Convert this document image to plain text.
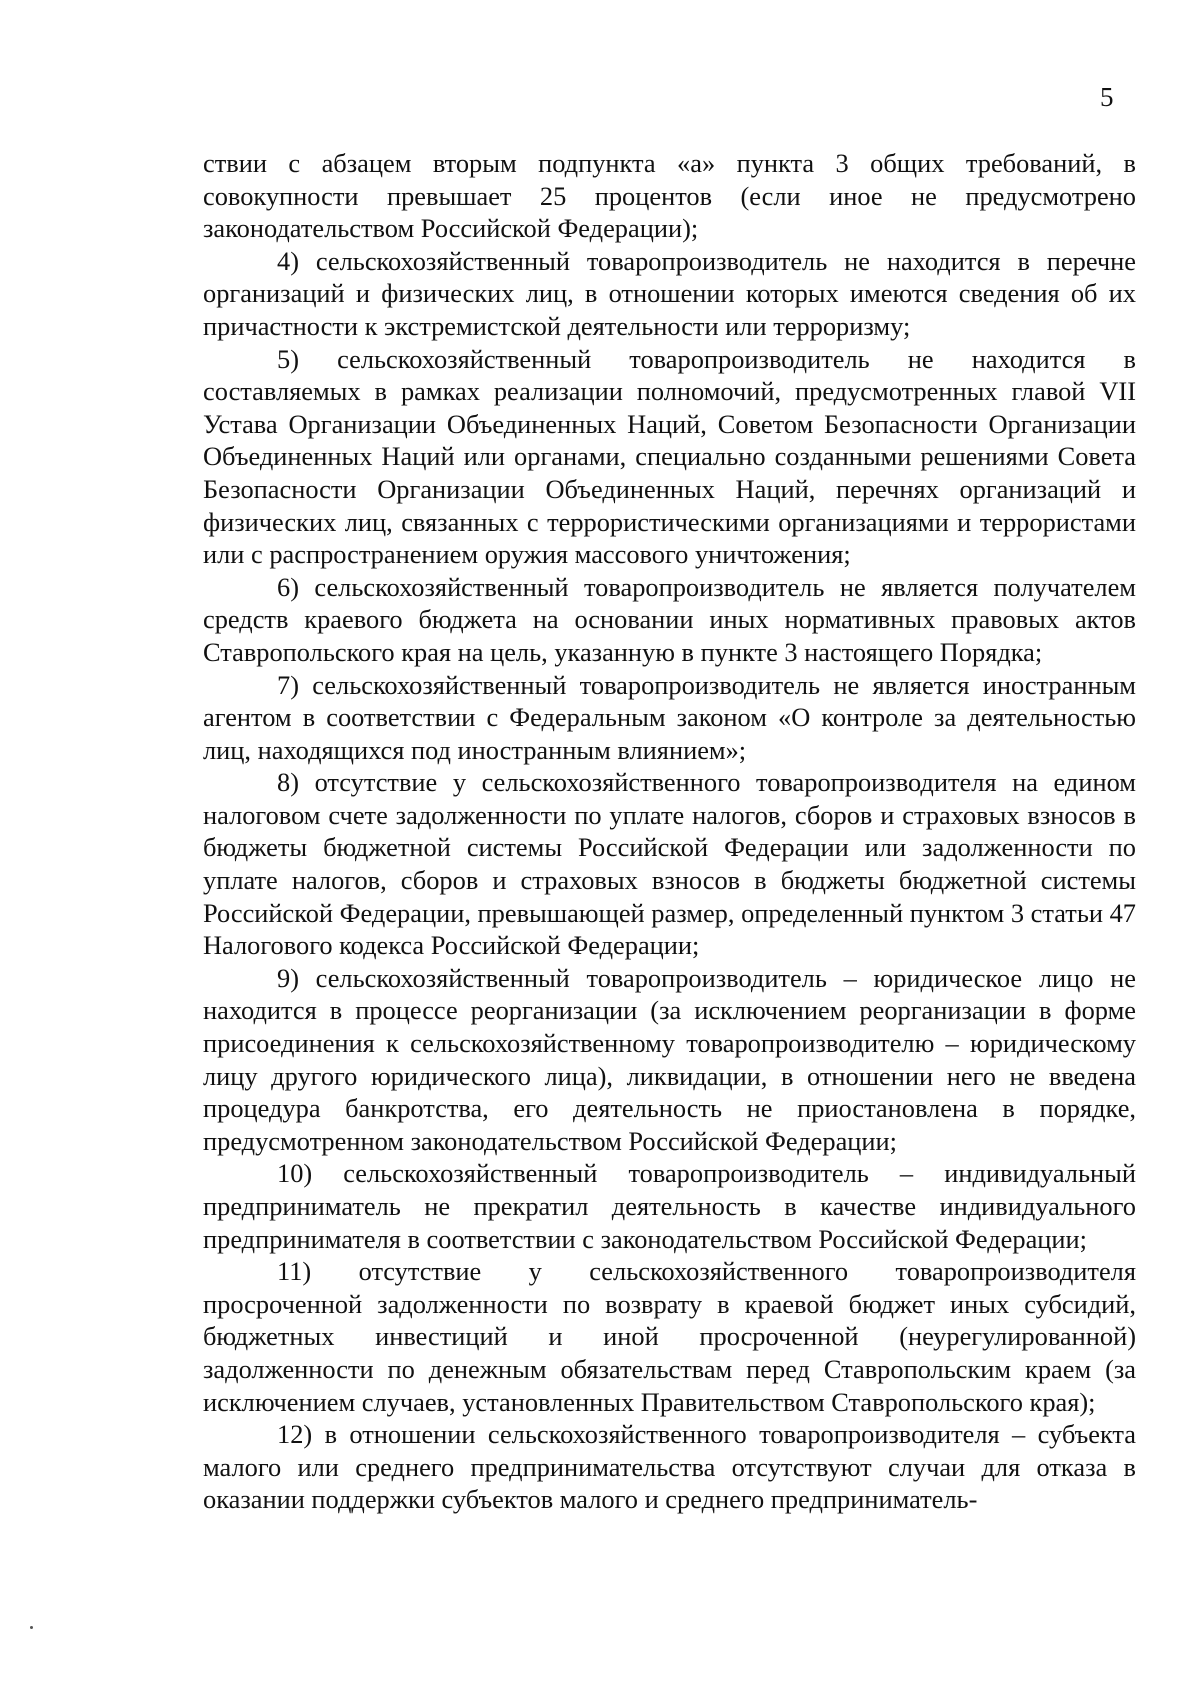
5

ствии с абзацем вторым подпункта «а» пункта 3 общих требований, в совокупности превышает 25 процентов (если иное не предусмотрено законодательством Российской Федерации);

4) сельскохозяйственный товаропроизводитель не находится в перечне организаций и физических лиц, в отношении которых имеются сведения об их причастности к экстремистской деятельности или терроризму;

5) сельскохозяйственный товаропроизводитель не находится в составляемых в рамках реализации полномочий, предусмотренных главой VII Устава Организации Объединенных Наций, Советом Безопасности Организации Объединенных Наций или органами, специально созданными решениями Совета Безопасности Организации Объединенных Наций, перечнях организаций и физических лиц, связанных с террористическими организациями и террористами или с распространением оружия массового уничтожения;

6) сельскохозяйственный товаропроизводитель не является получателем средств краевого бюджета на основании иных нормативных правовых актов Ставропольского края на цель, указанную в пункте 3 настоящего Порядка;

7) сельскохозяйственный товаропроизводитель не является иностранным агентом в соответствии с Федеральным законом «О контроле за деятельностью лиц, находящихся под иностранным влиянием»;

8) отсутствие у сельскохозяйственного товаропроизводителя на едином налоговом счете задолженности по уплате налогов, сборов и страховых взносов в бюджеты бюджетной системы Российской Федерации или задолженности по уплате налогов, сборов и страховых взносов в бюджеты бюджетной системы Российской Федерации, превышающей размер, определенный пунктом 3 статьи 47 Налогового кодекса Российской Федерации;

9) сельскохозяйственный товаропроизводитель – юридическое лицо не находится в процессе реорганизации (за исключением реорганизации в форме присоединения к сельскохозяйственному товаропроизводителю – юридическому лицу другого юридического лица), ликвидации, в отношении него не введена процедура банкротства, его деятельность не приостановлена в порядке, предусмотренном законодательством Российской Федерации;

10) сельскохозяйственный товаропроизводитель – индивидуальный предприниматель не прекратил деятельность в качестве индивидуального предпринимателя в соответствии с законодательством Российской Федерации;

11) отсутствие у сельскохозяйственного товаропроизводителя просроченной задолженности по возврату в краевой бюджет иных субсидий, бюджетных инвестиций и иной просроченной (неурегулированной) задолженности по денежным обязательствам перед Ставропольским краем (за исключением случаев, установленных Правительством Ставропольского края);

12) в отношении сельскохозяйственного товаропроизводителя – субъекта малого или среднего предпринимательства отсутствуют случаи для отказа в оказании поддержки субъектов малого и среднего предприниматель-
